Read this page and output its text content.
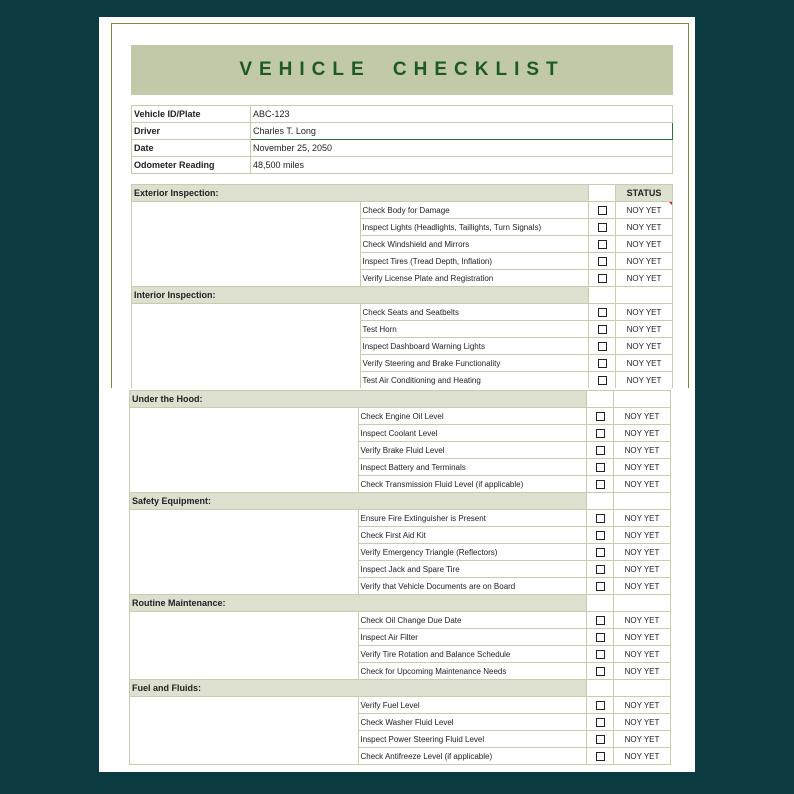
VEHICLE CHECKLIST
Vehicle ID/Plate	ABC-123
Driver	Charles T. Long
Date	November 25, 2050
Odometer Reading	48,500 miles
Exterior Inspection:			STATUS
	Check Body for Damage		NOY YET
	Inspect Lights (Headlights, Taillights, Turn Signals)		NOY YET
	Check Windshield and Mirrors		NOY YET
	Inspect Tires (Tread Depth, Inflation)		NOY YET
	Verify License Plate and Registration		NOY YET
Interior Inspection:			
	Check Seats and Seatbelts		NOY YET
	Test Horn		NOY YET
	Inspect Dashboard Warning Lights		NOY YET
	Verify Steering and Brake Functionality		NOY YET
	Test Air Conditioning and Heating		NOY YET
Under the Hood:			
	Check Engine Oil Level		NOY YET
	Inspect Coolant Level		NOY YET
	Verify Brake Fluid Level		NOY YET
	Inspect Battery and Terminals		NOY YET
	Check Transmission Fluid Level (if applicable)		NOY YET
Safety Equipment:			
	Ensure Fire Extinguisher is Present		NOY YET
	Check First Aid Kit		NOY YET
	Verify Emergency Triangle (Reflectors)		NOY YET
	Inspect Jack and Spare Tire		NOY YET
	Verify that Vehicle Documents are on Board		NOY YET
Routine Maintenance:			
	Check Oil Change Due Date		NOY YET
	Inspect Air Filter		NOY YET
	Verify Tire Rotation and Balance Schedule		NOY YET
	Check for Upcoming Maintenance Needs		NOY YET
Fuel and Fluids:			
	Verify Fuel Level		NOY YET
	Check Washer Fluid Level		NOY YET
	Inspect Power Steering Fluid Level		NOY YET
	Check Antifreeze Level (if applicable)		NOY YET
